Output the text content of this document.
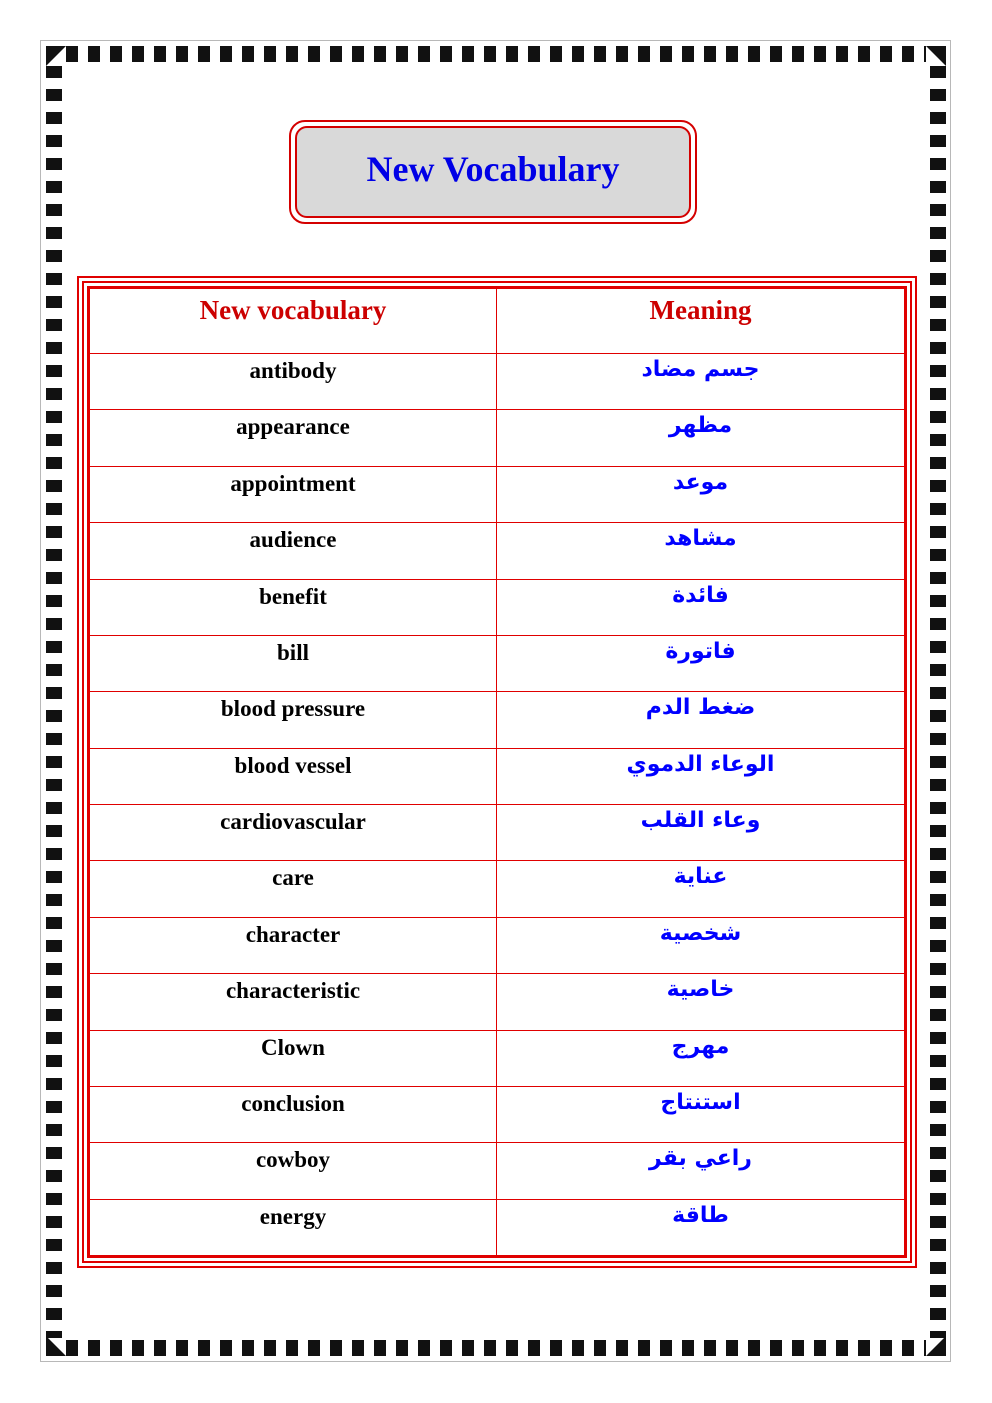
New Vocabulary
New vocabulary	Meaning
antibody	جسم مضاد
appearance	مظهر
appointment	موعد
audience	مشاهد
benefit	فائدة
bill	فاتورة
blood pressure	ضغط الدم
blood vessel	الوعاء الدموي
cardiovascular	وعاء القلب
care	عناية
character	شخصية
characteristic	خاصية
Clown	مهرج
conclusion	استنتاج
cowboy	راعي بقر
energy	طاقة
